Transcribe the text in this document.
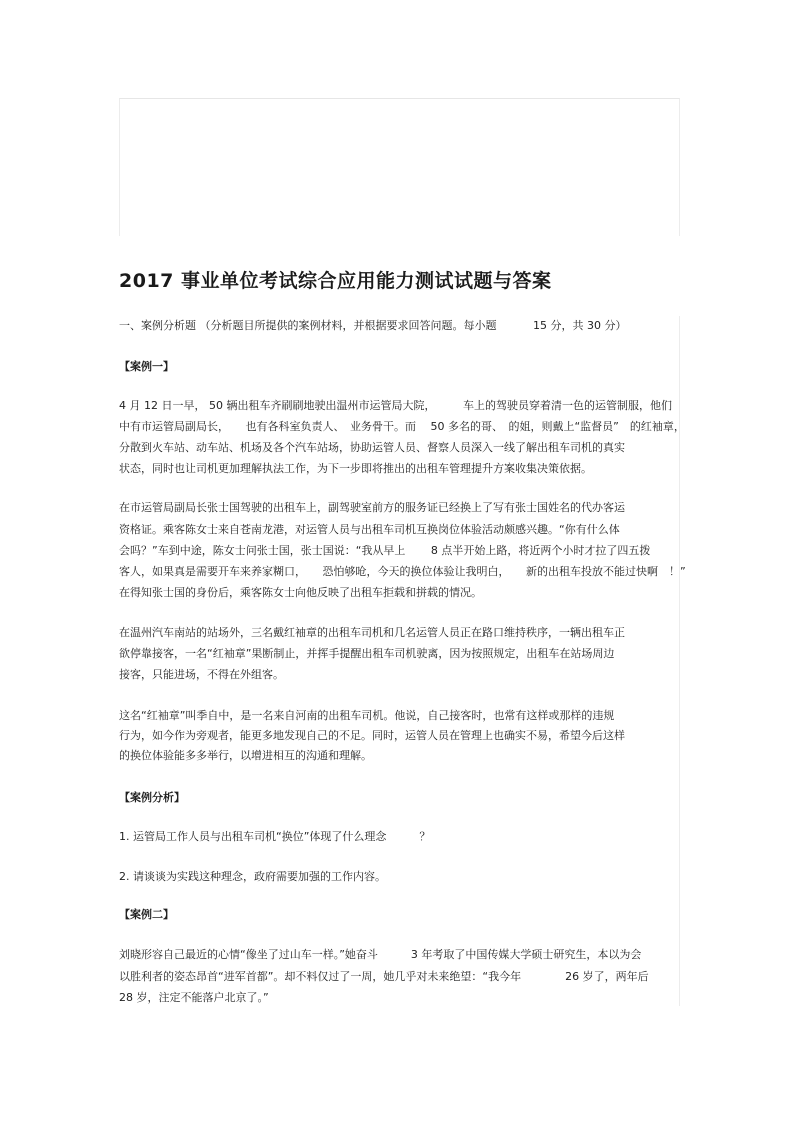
2017 事业单位考试综合应用能力测试试题与答案
一、案例分析题 （分析题目所提供的案例材料，并根据要求回答问题。每小题 　　　15 分，共 30 分）
【案例一】
4 月 12 日一早， 50 辆出租车齐刷刷地驶出温州市运管局大院，　　　车上的驾驶员穿着清一色的运管制服，他们
中有市运管局副局长，　　也有各科室负责人、　业务骨干。而　 50 多名的哥、　的姐，则戴上“监督员”　的红袖章，
分散到火车站、动车站、机场及各个汽车站场，协助运管人员、督察人员深入一线了解出租车司机的真实
状态，同时也让司机更加理解执法工作，为下一步即将推出的出租车管理提升方案收集决策依据。
在市运管局副局长张士国驾驶的出租车上，副驾驶室前方的服务证已经换上了写有张士国姓名的代办客运
资格证。乘客陈女士来自苍南龙港，对运管人员与出租车司机互换岗位体验活动颇感兴趣。“你有什么体
会吗？”车到中途，陈女士问张士国，张士国说：“我从早上　　 8 点半开始上路，将近两个小时才拉了四五拨
客人，如果真是需要开车来养家糊口，　　恐怕够呛，今天的换位体验让我明白，　　新的出租车投放不能过快啊　！”
在得知张士国的身份后，乘客陈女士向他反映了出租车拒载和拼载的情况。
在温州汽车南站的站场外，三名戴红袖章的出租车司机和几名运管人员正在路口维持秩序，一辆出租车正
欲停靠接客，一名“红袖章”果断制止，并挥手提醒出租车司机驶离，因为按照规定，出租车在站场周边
接客，只能进场，不得在外组客。
这名“红袖章”叫季自中，是一名来自河南的出租车司机。他说，自己接客时，也常有这样或那样的违规
行为，如今作为旁观者，能更多地发现自己的不足。同时，运管人员在管理上也确实不易，希望今后这样
的换位体验能多多举行，以增进相互的沟通和理解。
【案例分析】
1. 运管局工作人员与出租车司机“换位”体现了什么理念　　　？
2. 请谈谈为实践这种理念，政府需要加强的工作内容。
【案例二】
刘晓形容自己最近的心情“像坐了过山车一样。”她奋斗　　　3 年考取了中国传媒大学硕士研究生，本以为会
以胜利者的姿态昂首“进军首都”。却不料仅过了一周，她几乎对未来绝望：“我今年　　　　26 岁了，两年后
28 岁，注定不能落户北京了。”
